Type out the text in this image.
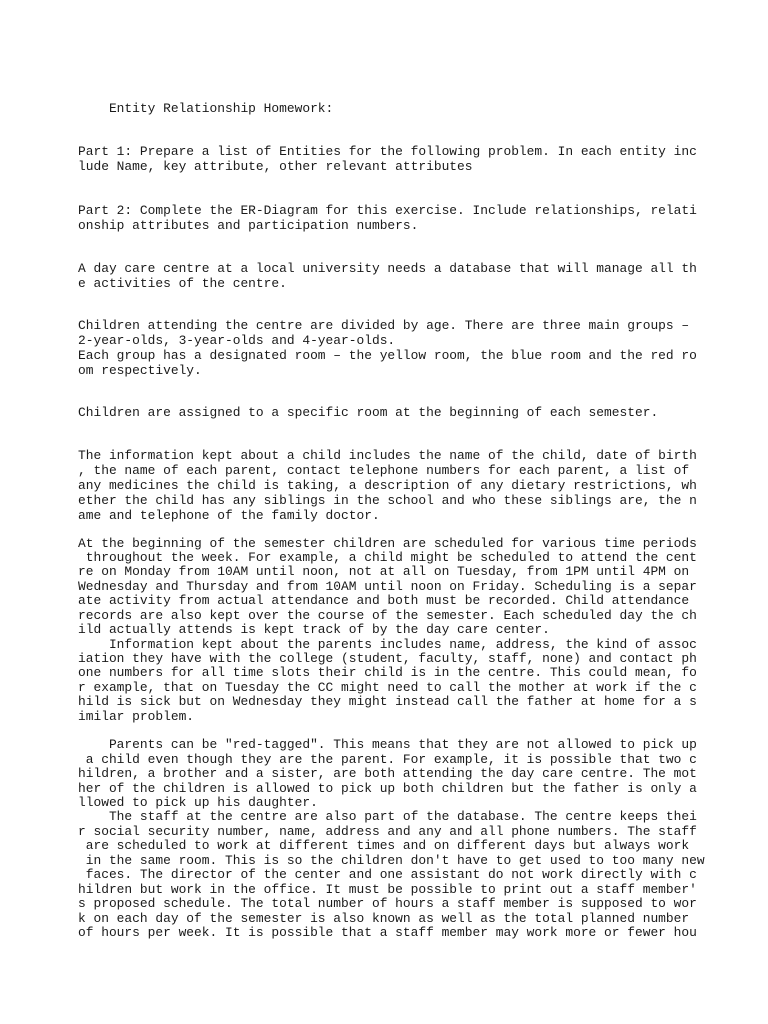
Entity Relationship Homework:

Part 1: Prepare a list of Entities for the following problem. In each entity inc

lude Name, key attribute, other relevant attributes

Part 2: Complete the ER-Diagram for this exercise. Include relationships, relati

onship attributes and participation numbers.

A day care centre at a local university needs a database that will manage all th

e activities of the centre.

Children attending the centre are divided by age. There are three main groups –

2-year-olds, 3-year-olds and 4-year-olds.

Each group has a designated room – the yellow room, the blue room and the red ro

om respectively.

Children are assigned to a specific room at the beginning of each semester.

The information kept about a child includes the name of the child, date of birth

, the name of each parent, contact telephone numbers for each parent, a list of

any medicines the child is taking, a description of any dietary restrictions, wh

ether the child has any siblings in the school and who these siblings are, the n

ame and telephone of the family doctor.

At the beginning of the semester children are scheduled for various time periods

throughout the week. For example, a child might be scheduled to attend the cent

re on Monday from 10AM until noon, not at all on Tuesday, from 1PM until 4PM on

Wednesday and Thursday and from 10AM until noon on Friday. Scheduling is a separ

ate activity from actual attendance and both must be recorded. Child attendance

records are also kept over the course of the semester. Each scheduled day the ch

ild actually attends is kept track of by the day care center.

Information kept about the parents includes name, address, the kind of assoc

iation they have with the college (student, faculty, staff, none) and contact ph

one numbers for all time slots their child is in the centre. This could mean, fo

r example, that on Tuesday the CC might need to call the mother at work if the c

hild is sick but on Wednesday they might instead call the father at home for a s

imilar problem.

Parents can be "red-tagged". This means that they are not allowed to pick up

a child even though they are the parent. For example, it is possible that two c

hildren, a brother and a sister, are both attending the day care centre. The mot

her of the children is allowed to pick up both children but the father is only a

llowed to pick up his daughter.

The staff at the centre are also part of the database. The centre keeps thei

r social security number, name, address and any and all phone numbers. The staff

are scheduled to work at different times and on different days but always work

in the same room. This is so the children don't have to get used to too many new

faces. The director of the center and one assistant do not work directly with c

hildren but work in the office. It must be possible to print out a staff member'

s proposed schedule. The total number of hours a staff member is supposed to wor

k on each day of the semester is also known as well as the total planned number

of hours per week. It is possible that a staff member may work more or fewer hou
